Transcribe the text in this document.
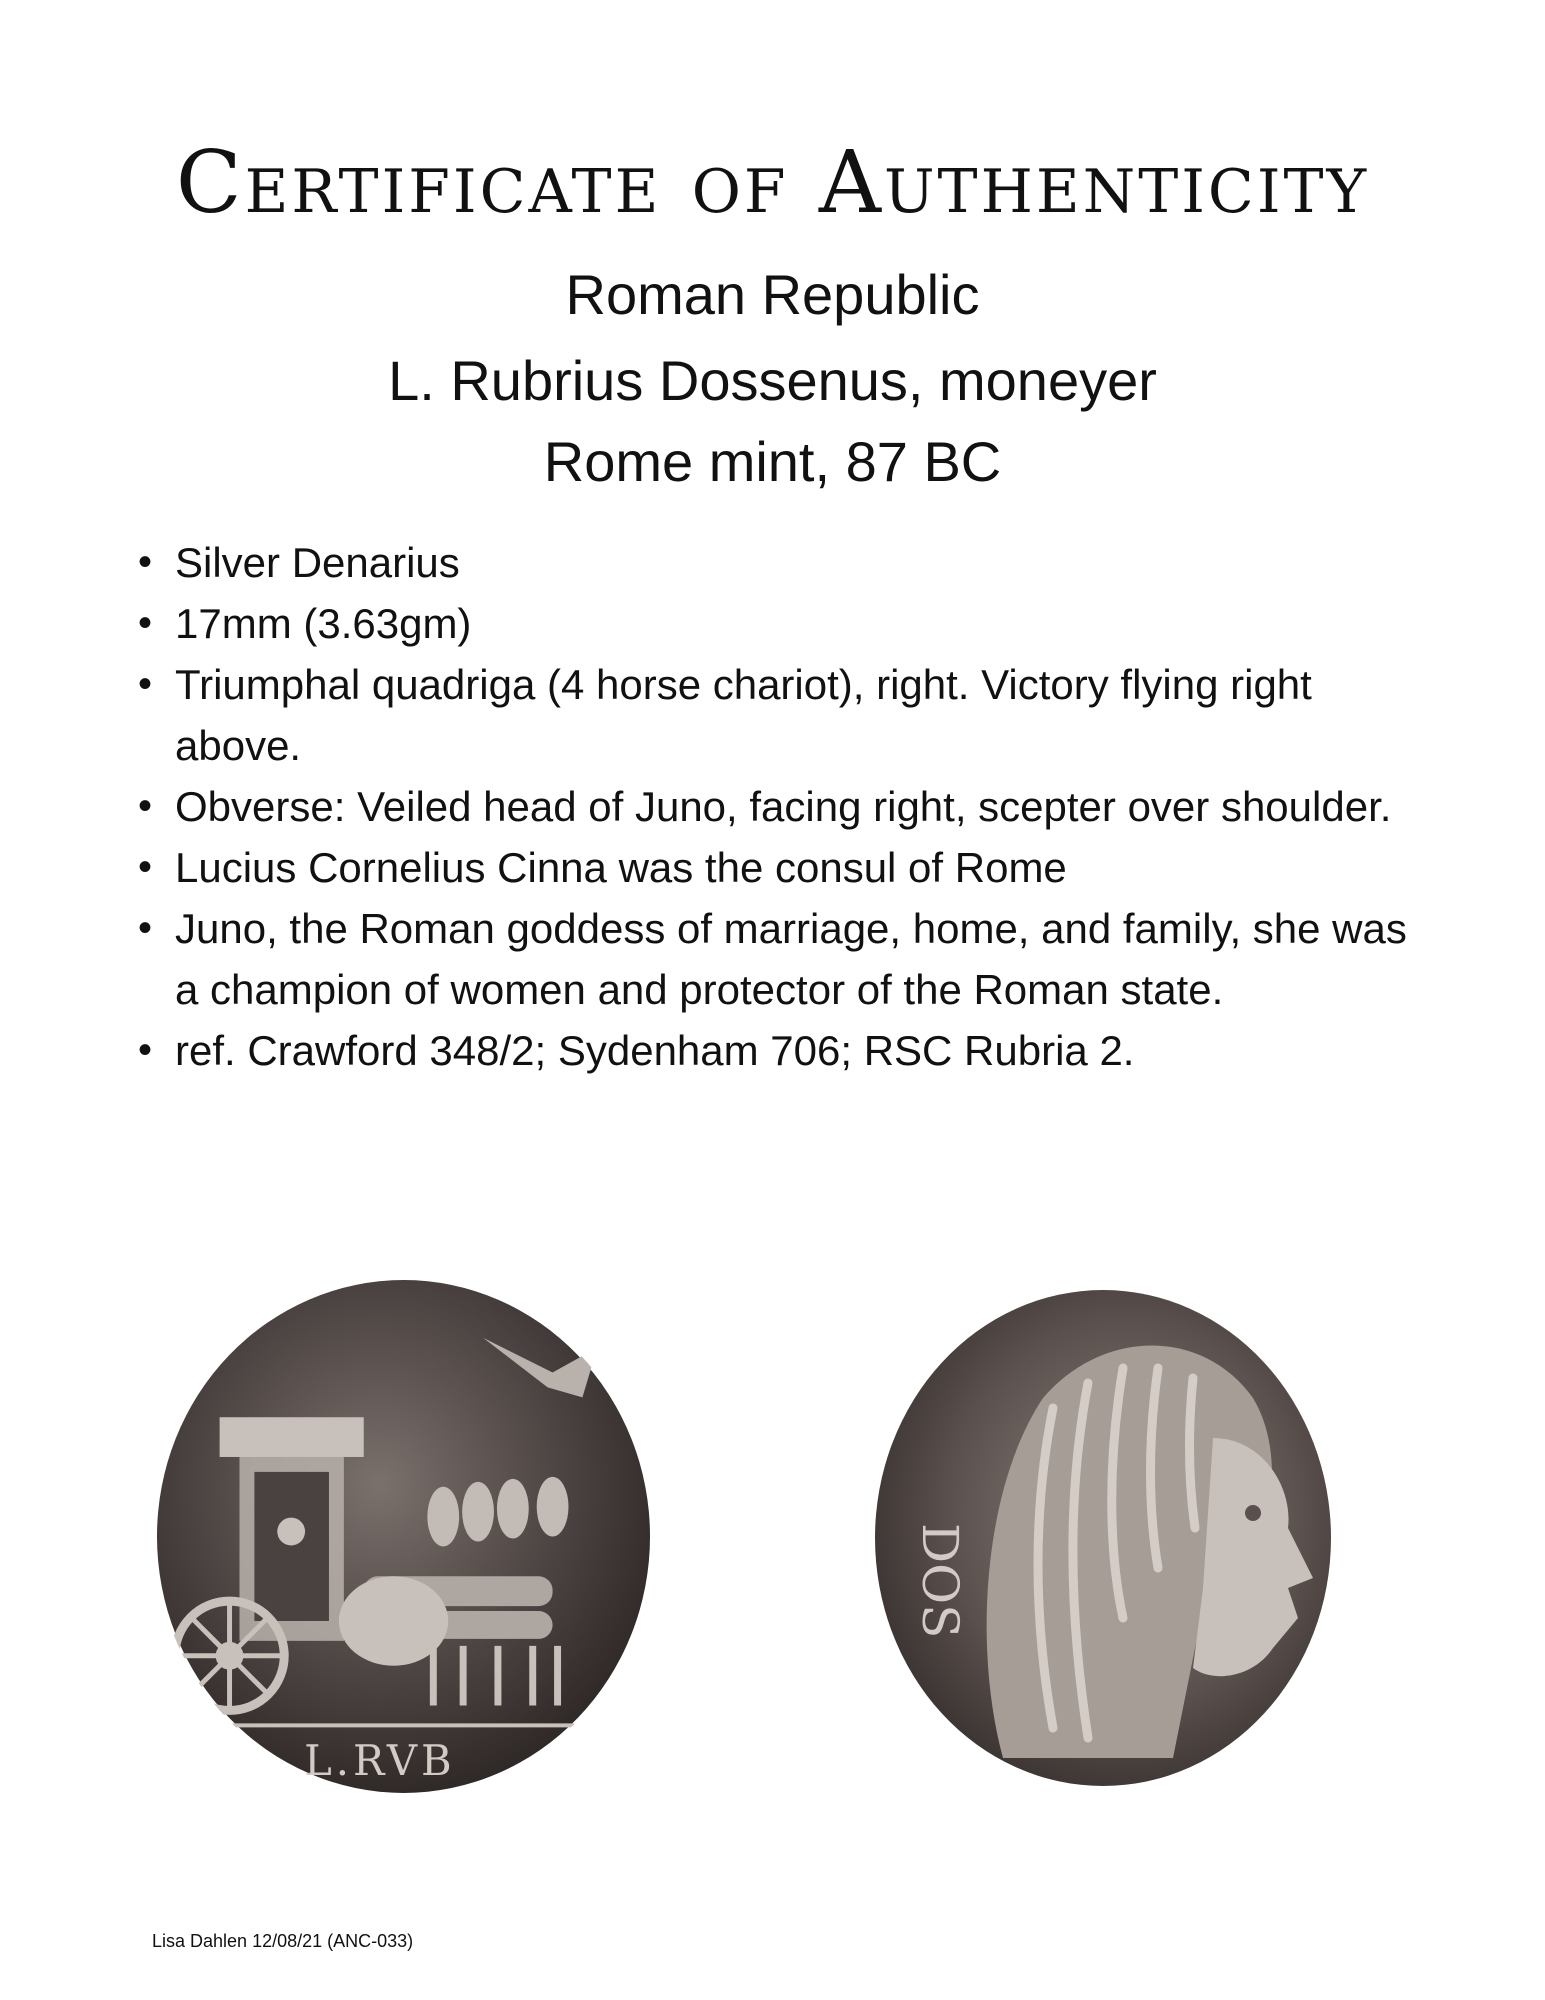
Certificate of Authenticity
Roman Republic
L. Rubrius Dossenus, moneyer
Rome mint, 87 BC
• Silver Denarius
• 17mm (3.63gm)
• Triumphal quadriga (4 horse chariot), right. Victory flying right above.
• Obverse: Veiled head of Juno, facing right, scepter over shoulder.
• Lucius Cornelius Cinna was the consul of Rome
• Juno, the Roman goddess of marriage, home, and family, she was a champion of women and protector of the Roman state.
• ref. Crawford 348/2; Sydenham 706; RSC Rubria 2.
L.RVB
DOS
Lisa Dahlen 12/08/21 (ANC-033)
